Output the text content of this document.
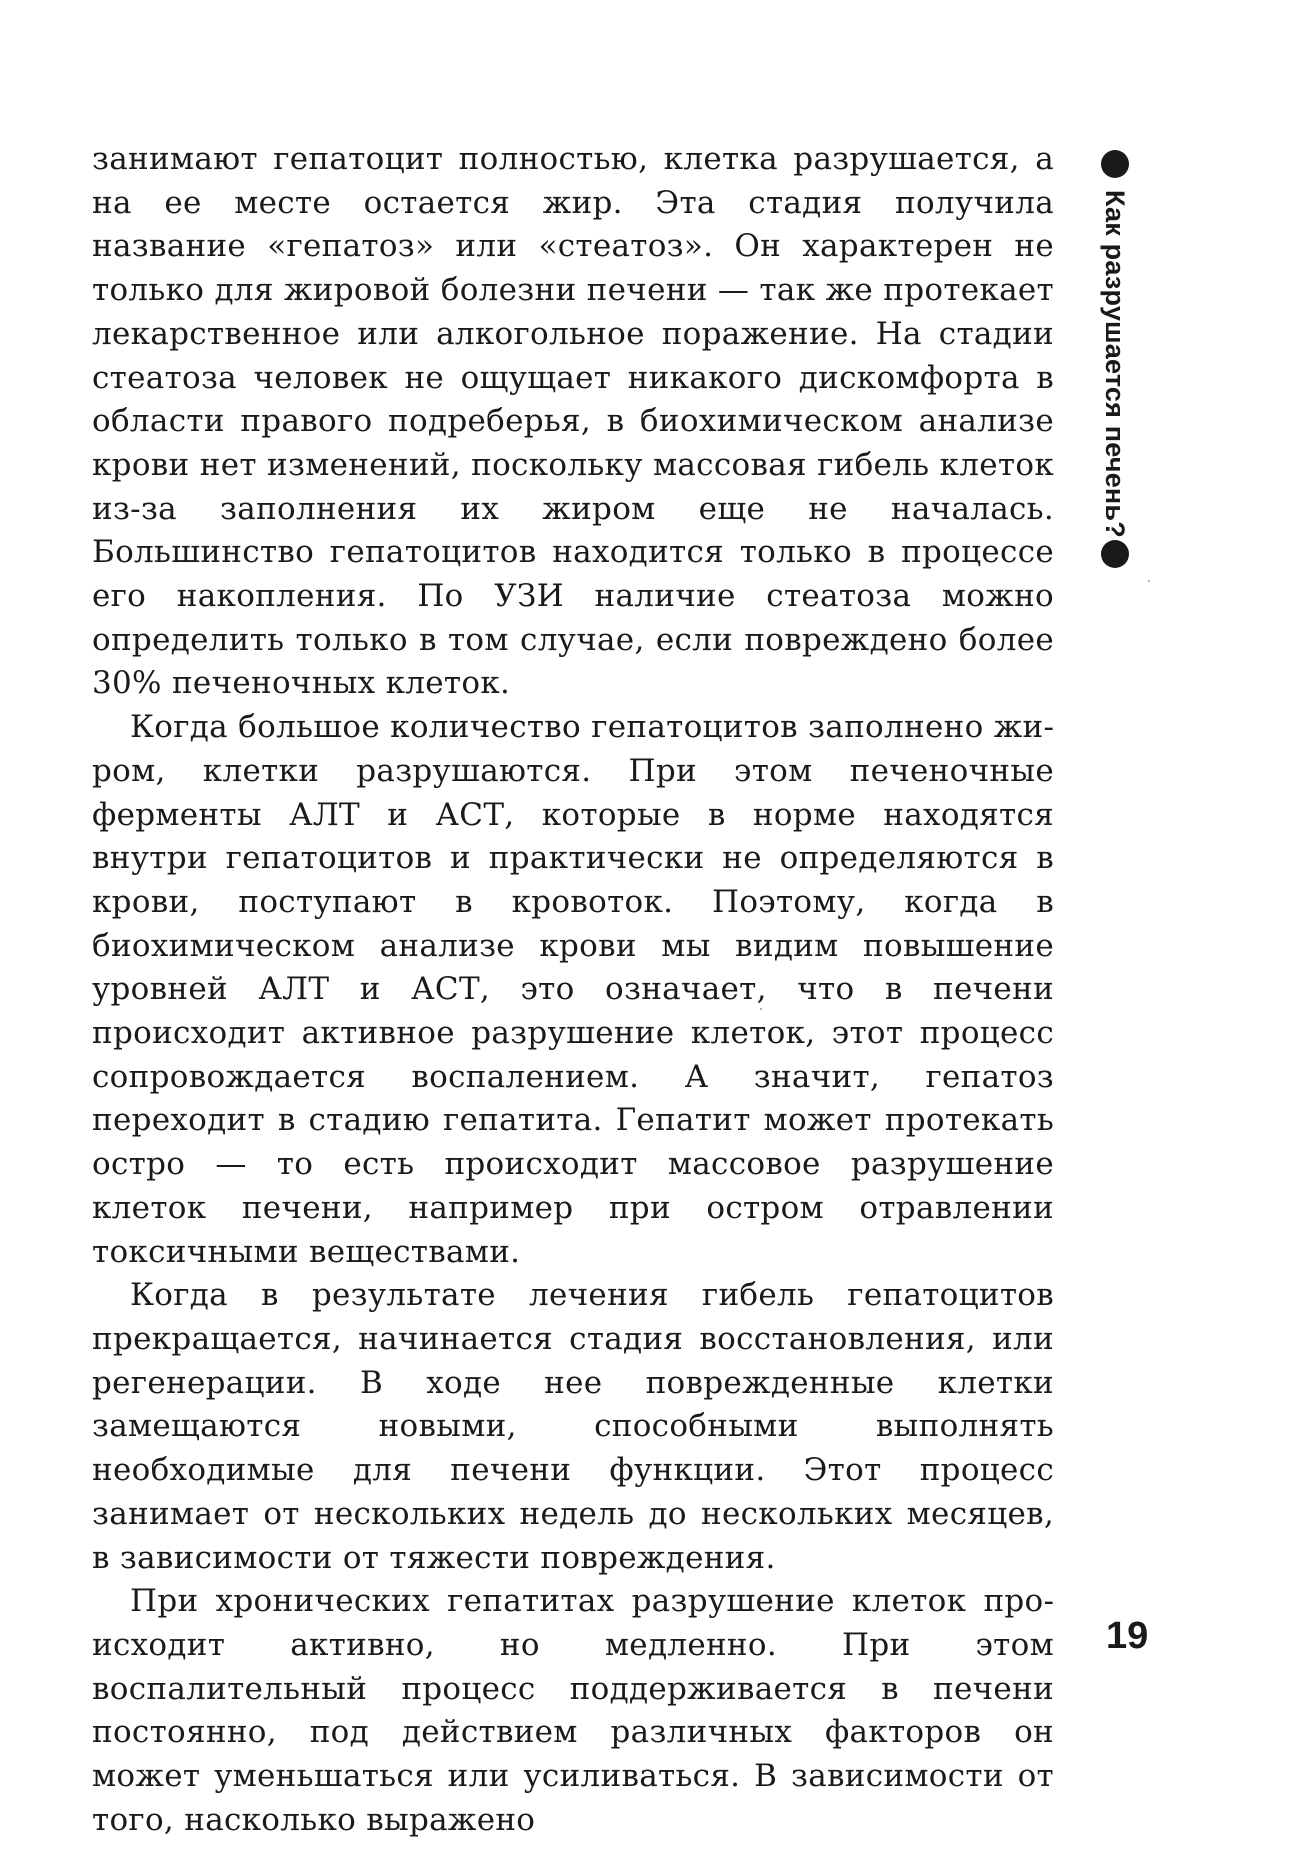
занимают гепатоцит полностью, клетка разрушается, а на ее месте остается жир. Эта стадия получила название «гепатоз» или «стеатоз». Он характерен не только для жировой болезни печени — так же протекает лекарственное или алкогольное поражение. На стадии стеатоза человек не ощущает никакого дискомфорта в области правого подреберья, в биохимическом анализе крови нет изменений, поскольку массовая гибель клеток из-за заполнения их жиром еще не началась. Большинство гепатоцитов находится только в процессе его накопления. По УЗИ наличие стеатоза можно определить только в том случае, если повреждено более 30% печеночных клеток.

Когда большое количество гепатоцитов заполнено жиром, клетки разрушаются. При этом печеночные ферменты АЛТ и АСТ, которые в норме находятся внутри гепатоцитов и практически не определяются в крови, поступают в кровоток. Поэтому, когда в биохимическом анализе крови мы видим повышение уровней АЛТ и АСТ, это означает, что в печени происходит активное разрушение клеток, этот процесс сопровождается воспалением. А значит, гепатоз переходит в стадию гепатита. Гепатит может протекать остро — то есть происходит массовое разрушение клеток печени, например при остром отравлении токсичными веществами.

Когда в результате лечения гибель гепатоцитов прекращается, начинается стадия восстановления, или регенерации. В ходе нее поврежденные клетки замещаются новыми, способными выполнять необходимые для печени функции. Этот процесс занимает от нескольких недель до нескольких месяцев, в зависимости от тяжести повреждения.

При хронических гепатитах разрушение клеток происходит активно, но медленно. При этом воспалительный процесс поддерживается в печени постоянно, под действием различных факторов он может уменьшаться или усиливаться. В зависимости от того, насколько выражено

Как разрушается печень?
19
